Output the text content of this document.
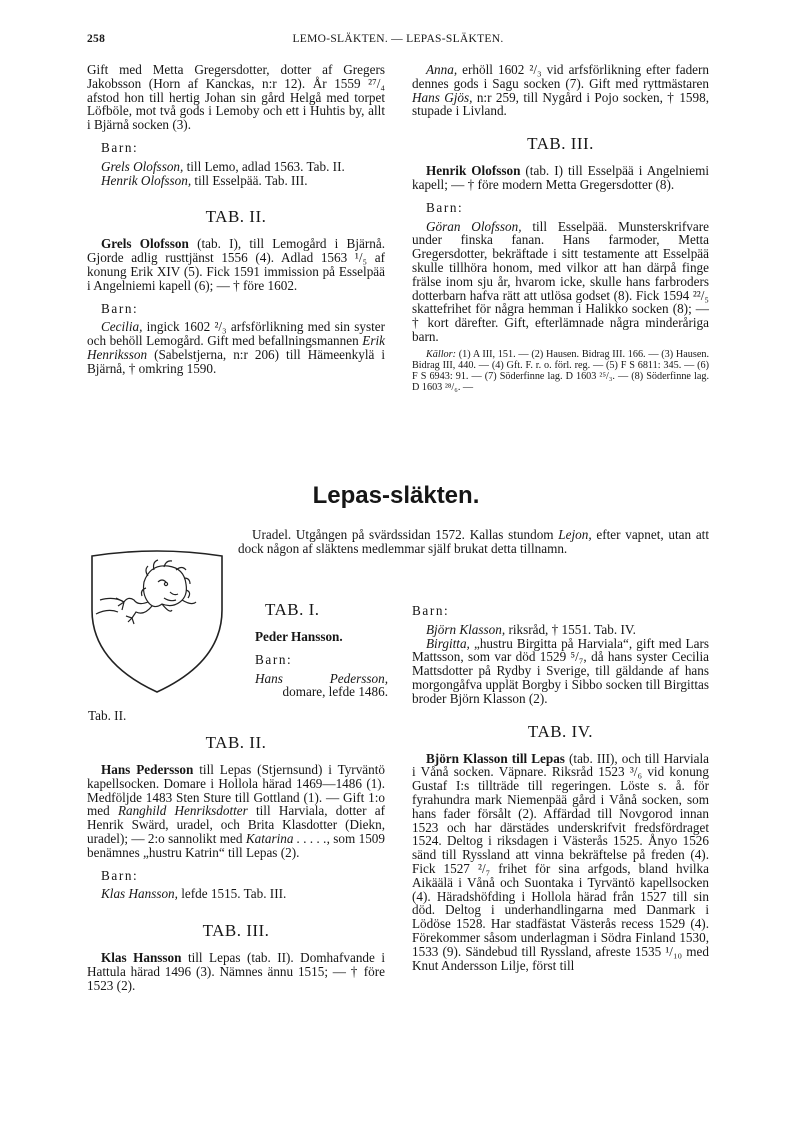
258	LEMO-SLÄKTEN. — LEPAS-SLÄKTEN.

Gift med Metta Gregersdotter, dotter af Gregers Jakobsson (Horn af Kanckas, n:r 12). År 1559 ²⁷/₄ afstod hon till hertig Johan sin gård Helgå med torpet Löfböle, mot två gods i Lemoby och ett i Huhtis by, allt i Bjärnå socken (3).

Barn:

Grels Olofsson, till Lemo, adlad 1563. Tab. II.

Henrik Olofsson, till Esselpää. Tab. III.

TAB. II.

Grels Olofsson (tab. I), till Lemogård i Bjärnå. Gjorde adlig rusttjänst 1556 (4). Adlad 1563 ¹/₅ af konung Erik XIV (5). Fick 1591 immission på Esselpää i Angelniemi kapell (6); — † före 1602.

Barn:

Cecilia, ingick 1602 ²/₃ arfsförlikning med sin syster och behöll Lemogård. Gift med befallningsmannen Erik Henriksson (Sabelstjerna, n:r 206) till Hämeenkylä i Bjärnå, † omkring 1590.

Anna, erhöll 1602 ²/₃ vid arfsförlikning efter fadern dennes gods i Sagu socken (7). Gift med ryttmästaren Hans Gjös, n:r 259, till Nygård i Pojo socken, † 1598, stupade i Livland.

TAB. III.

Henrik Olofsson (tab. I) till Esselpää i Angelniemi kapell; — † före modern Metta Gregersdotter (8).

Barn:

Göran Olofsson, till Esselpää. Munsterskrifvare under finska fanan. Hans farmoder, Metta Gregersdotter, bekräftade i sitt testamente att Esselpää skulle tillhöra honom, med vilkor att han därpå finge frälse inom sju år, hvarom icke, skulle hans farbroders dotterbarn hafva rätt att utlösa godset (8). Fick 1594 ²²/₅ skattefrihet för några hemman i Halikko socken (8); — † kort därefter. Gift, efterlämnade några minderåriga barn.

Källor: (1) A III, 151. — (2) Hausen. Bidrag III. 166. — (3) Hausen. Bidrag III, 440. — (4) Gft. F. r. o. förl. reg. — (5) F S 6811: 345. — (6) F S 6943: 91. — (7) Söderfinne lag. D 1603 ²⁵/₃. — (8) Söderfinne lag. D 1603 ²⁸/₆. —

Lepas-släkten.

Uradel. Utgången på svärdssidan 1572. Kallas stundom Lejon, efter vapnet, utan att dock någon af släktens medlemmar själf brukat detta tillnamn.

Tab. II.
TAB. I.

Peder Hansson.

Barn:

Hans Pedersson,

domare, lefde 1486.

TAB. II.

Hans Pedersson till Lepas (Stjernsund) i Tyrväntö kapellsocken. Domare i Hollola härad 1469—1486 (1). Medföljde 1483 Sten Sture till Gottland (1). — Gift 1:o med Ranghild Henriksdotter till Harviala, dotter af Henrik Swärd, uradel, och Brita Klasdotter (Diekn, uradel); — 2:o sannolikt med Katarina . . . . ., som 1509 benämnes „hustru Katrin“ till Lepas (2).

Barn:

Klas Hansson, lefde 1515. Tab. III.

TAB. III.

Klas Hansson till Lepas (tab. II). Domhafvande i Hattula härad 1496 (3). Nämnes ännu 1515; — † före 1523 (2).

Barn:

Björn Klasson, riksråd, † 1551. Tab. IV.

Birgitta, „hustru Birgitta på Harviala“, gift med Lars Mattsson, som var död 1529 ⁵/₇, då hans syster Cecilia Mattsdotter på Rydby i Sverige, till gäldande af hans morgongåfva upplät Borgby i Sibbo socken till Birgittas broder Björn Klasson (2).

TAB. IV.

Björn Klasson till Lepas (tab. III), och till Harviala i Vånå socken. Väpnare. Riksråd 1523 ³/₆ vid konung Gustaf I:s tillträde till regeringen. Löste s. å. för fyrahundra mark Niemenpää gård i Vånå socken, som hans fader försålt (2). Affärdad till Novgorod innan 1523 och har därstädes underskrifvit fredsfördraget 1524. Deltog i riksdagen i Västerås 1525. Ånyo 1526 sänd till Ryssland att vinna bekräftelse på freden (4). Fick 1527 ²/₇ frihet för sina arfgods, bland hvilka Aikäälä i Vånå och Suontaka i Tyrväntö kapellsocken (4). Häradshöfding i Hollola härad från 1527 till sin död. Deltog i underhandlingarna med Danmark i Lödöse 1528. Har stadfästat Västerås recess 1529 (4). Förekommer såsom underlagman i Södra Finland 1530, 1533 (9). Sändebud till Ryssland, afreste 1535 ¹/₁₀ med Knut Andersson Lilje, först till
